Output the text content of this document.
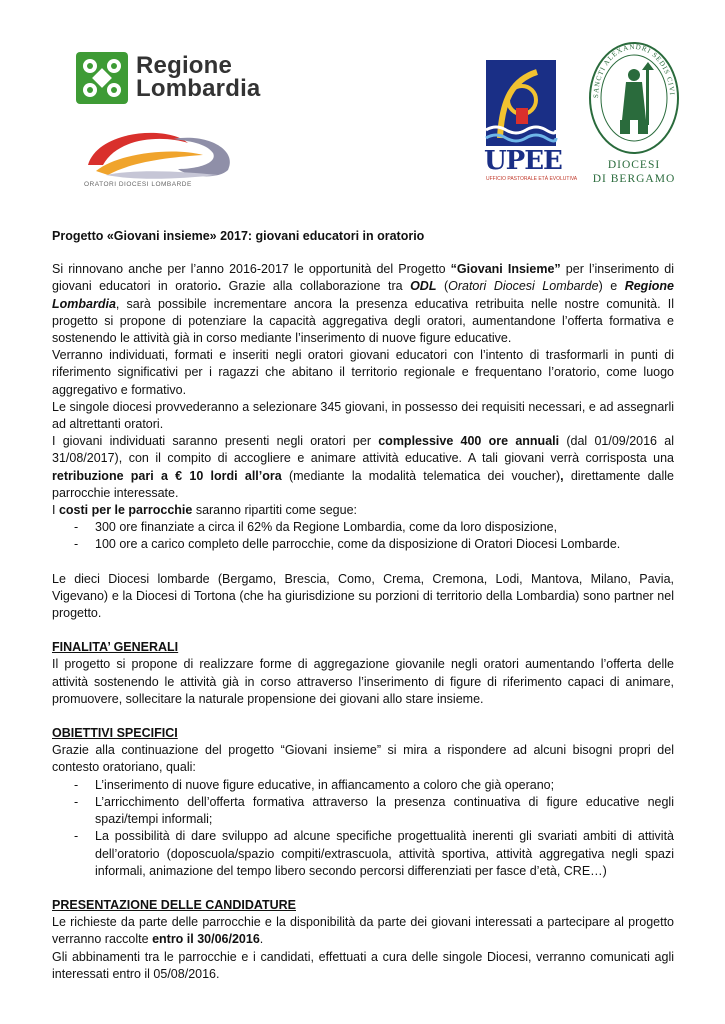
Regione
Lombardia
ORATORI DIOCESI LOMBARDE
UPEE
UFFICIO PASTORALE ETÀ EVOLUTIVA
SANCTI ALEXANDRI SEDIS CIVI
DIOCESI
DI BERGAMO

Progetto «Giovani insieme» 2017: giovani educatori in oratorio

Si rinnovano anche per l’anno 2016-2017 le opportunità del Progetto “Giovani Insieme” per l’inserimento di giovani educatori in oratorio. Grazie alla collaborazione tra ODL (Oratori Diocesi Lombarde) e Regione Lombardia, sarà possibile incrementare ancora la presenza educativa retribuita nelle nostre comunità. Il progetto si propone di potenziare la capacità aggregativa degli oratori, aumentandone l’offerta formativa e sostenendo le attività già in corso mediante l’inserimento di nuove figure educative.

Verranno individuati, formati e inseriti negli oratori giovani educatori con l’intento di trasformarli in punti di riferimento significativi per i ragazzi che abitano il territorio regionale e frequentano l’oratorio, come luogo aggregativo e formativo.

Le singole diocesi provvederanno a selezionare 345 giovani, in possesso dei requisiti necessari, e ad assegnarli ad altrettanti oratori.

I giovani individuati saranno presenti negli oratori per complessive 400 ore annuali (dal 01/09/2016 al 31/08/2017), con il compito di accogliere e animare attività educative. A tali giovani verrà corrisposta una retribuzione pari a € 10 lordi all’ora (mediante la modalità telematica dei voucher), direttamente dalle parrocchie interessate.

I costi per le parrocchie saranno ripartiti come segue:

- 300 ore finanziate a circa il 62% da Regione Lombardia, come da loro disposizione,
- 100 ore a carico completo delle parrocchie, come da disposizione di Oratori Diocesi Lombarde.

Le dieci Diocesi lombarde (Bergamo, Brescia, Como, Crema, Cremona, Lodi, Mantova, Milano, Pavia, Vigevano) e la Diocesi di Tortona (che ha giurisdizione su porzioni di territorio della Lombardia) sono partner nel progetto.

FINALITA’ GENERALI

Il progetto si propone di realizzare forme di aggregazione giovanile negli oratori aumentando l’offerta delle attività sostenendo le attività già in corso attraverso l’inserimento di figure di riferimento capaci di animare, promuovere, sollecitare la naturale propensione dei giovani allo stare insieme.

OBIETTIVI SPECIFICI

Grazie alla continuazione del progetto “Giovani insieme” si mira a rispondere ad alcuni bisogni propri del contesto oratoriano, quali:

- L’inserimento di nuove figure educative, in affiancamento a coloro che già operano;
- L’arricchimento dell’offerta formativa attraverso la presenza continuativa di figure educative negli spazi/tempi informali;
- La possibilità di dare sviluppo ad alcune specifiche progettualità inerenti gli svariati ambiti di attività dell’oratorio (doposcuola/spazio compiti/extrascuola, attività sportiva, attività aggregativa negli spazi informali, animazione del tempo libero secondo percorsi differenziati per fasce d’età, CRE…)

PRESENTAZIONE DELLE CANDIDATURE

Le richieste da parte delle parrocchie e la disponibilità da parte dei giovani interessati a partecipare al progetto verranno raccolte entro il 30/06/2016.

Gli abbinamenti tra le parrocchie e i candidati, effettuati a cura delle singole Diocesi, verranno comunicati agli interessati entro il 05/08/2016.
